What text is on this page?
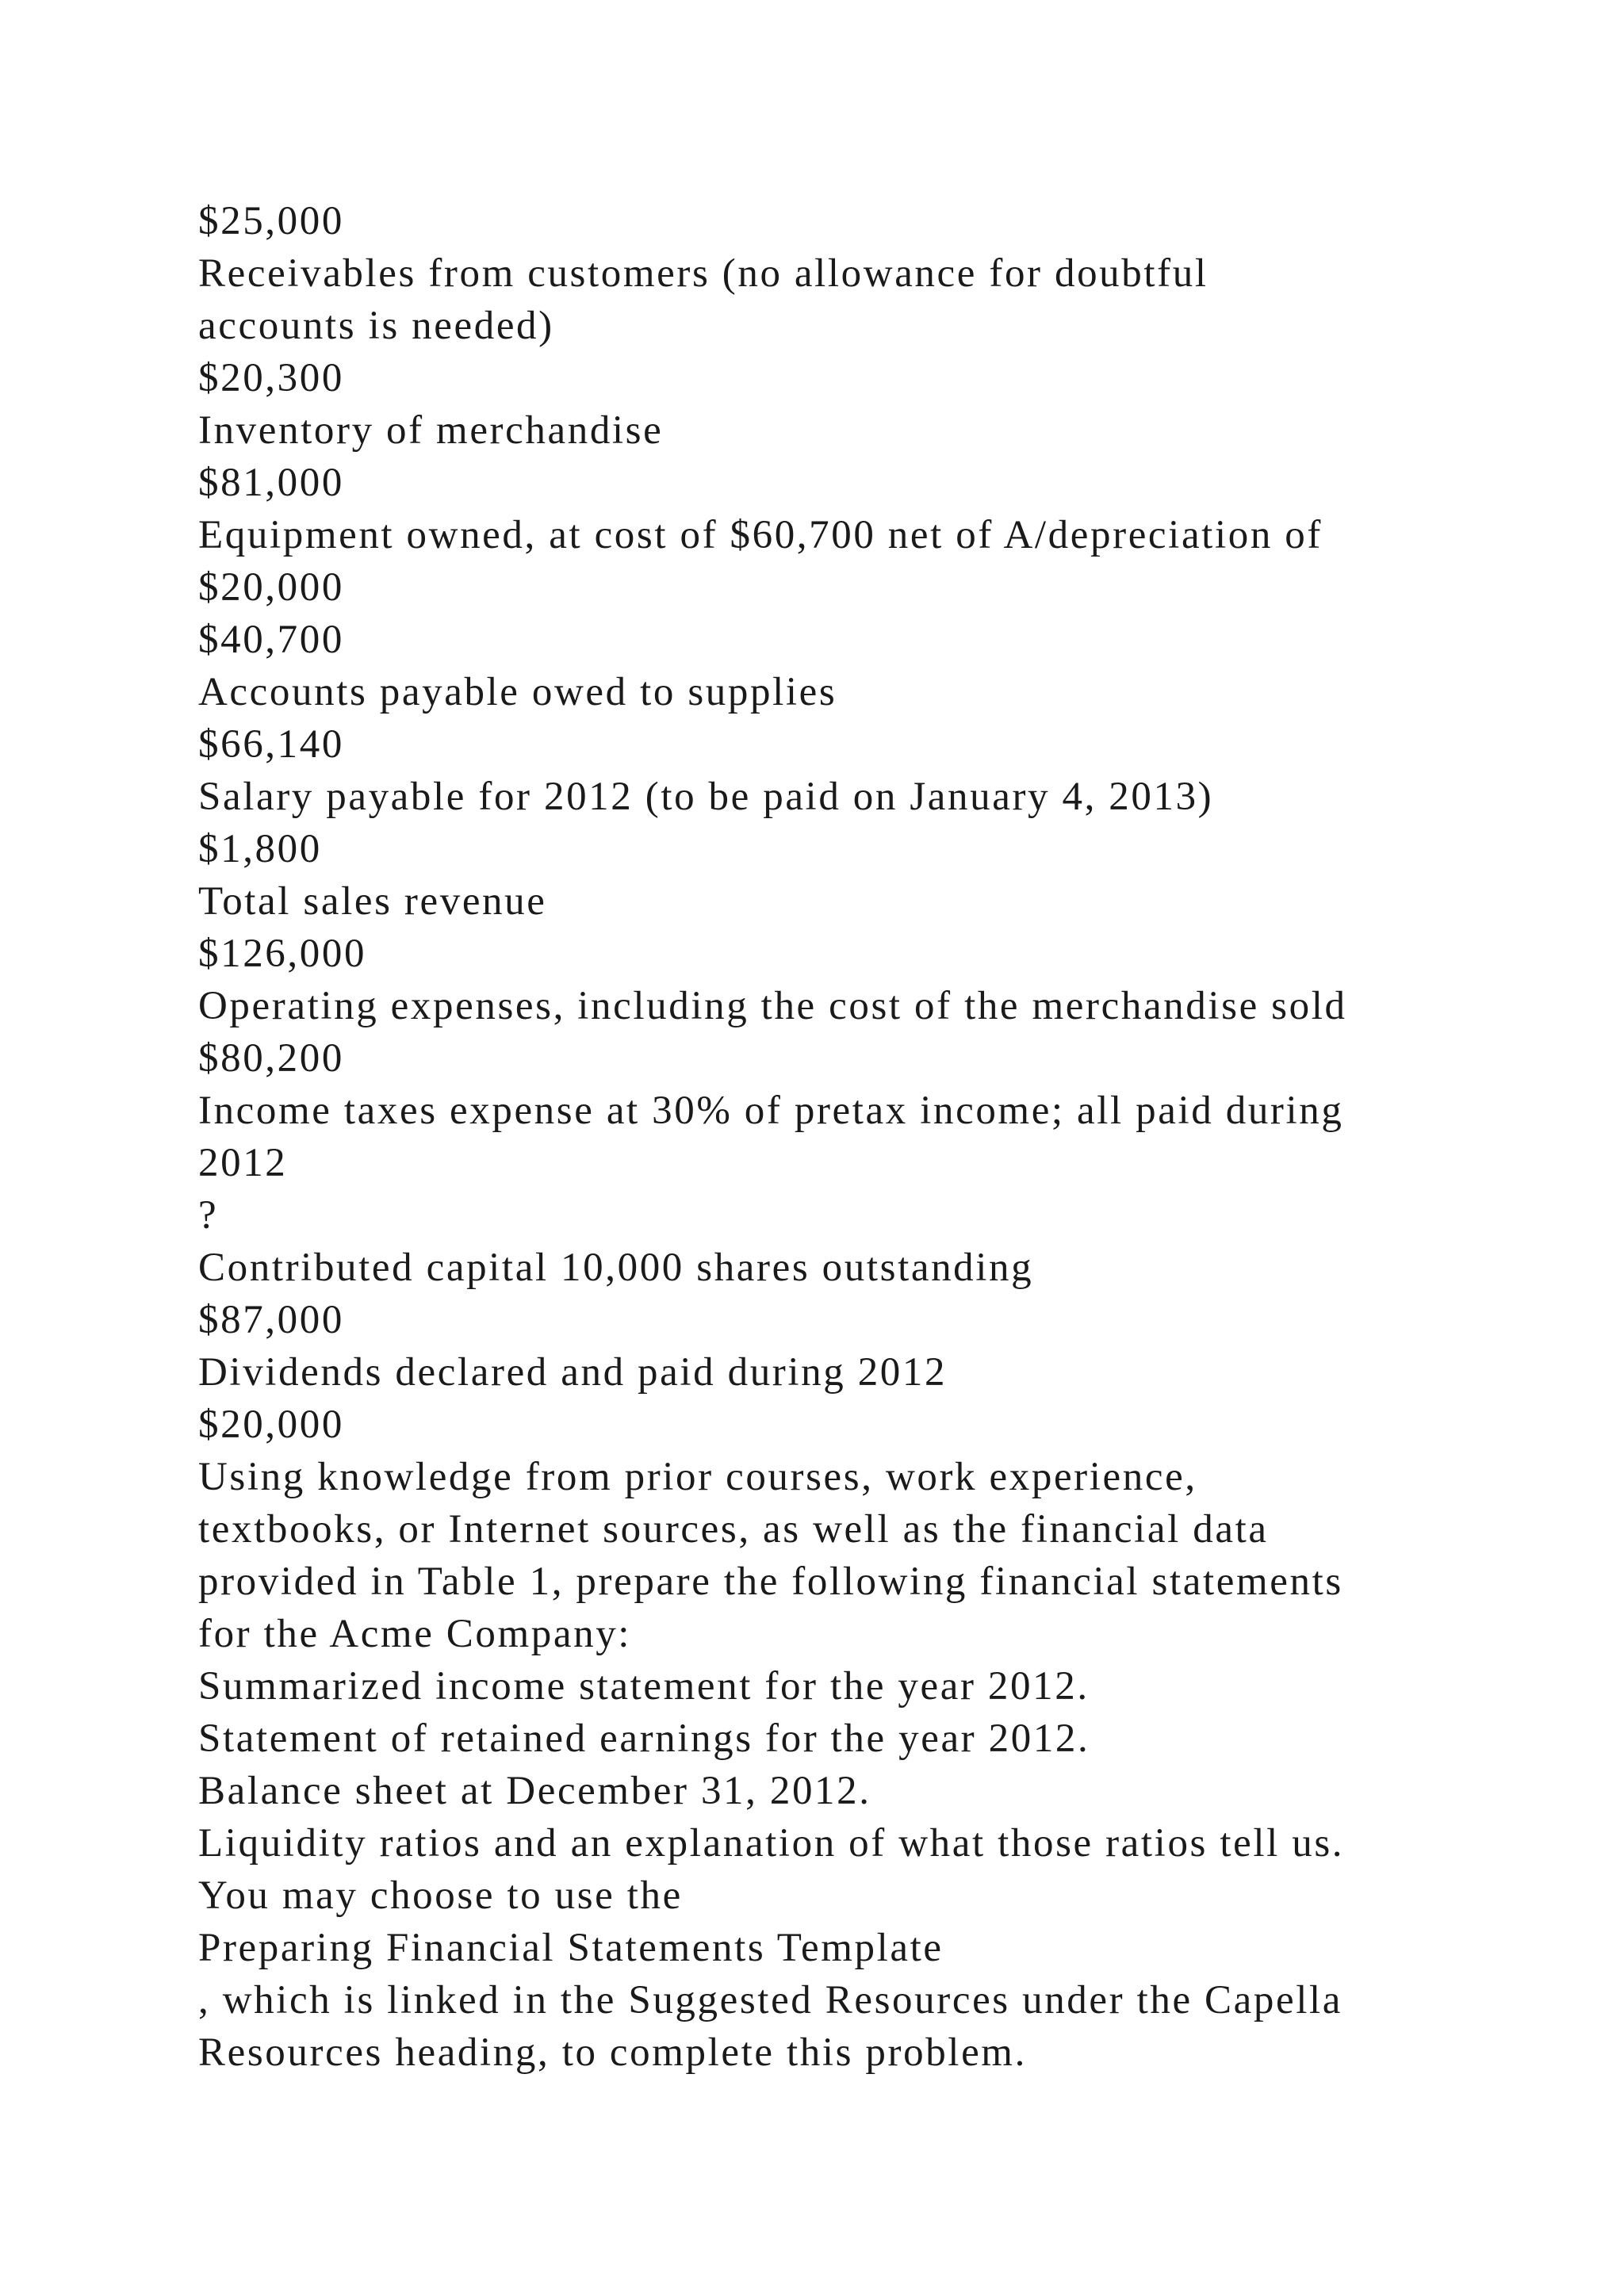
$25,000
Receivables from customers (no allowance for doubtful
accounts is needed)
$20,300
Inventory of merchandise
$81,000
Equipment owned, at cost of $60,700 net of A/depreciation of
$20,000
$40,700
Accounts payable owed to supplies
$66,140
Salary payable for 2012 (to be paid on January 4, 2013)
$1,800
Total sales revenue
$126,000
Operating expenses, including the cost of the merchandise sold
$80,200
Income taxes expense at 30% of pretax income; all paid during
2012
?
Contributed capital 10,000 shares outstanding
$87,000
Dividends declared and paid during 2012
$20,000
Using knowledge from prior courses, work experience,
textbooks, or Internet sources, as well as the financial data
provided in Table 1, prepare the following financial statements
for the Acme Company:
Summarized income statement for the year 2012.
Statement of retained earnings for the year 2012.
Balance sheet at December 31, 2012.
Liquidity ratios and an explanation of what those ratios tell us.
You may choose to use the
Preparing Financial Statements Template
, which is linked in the Suggested Resources under the Capella
Resources heading, to complete this problem.
